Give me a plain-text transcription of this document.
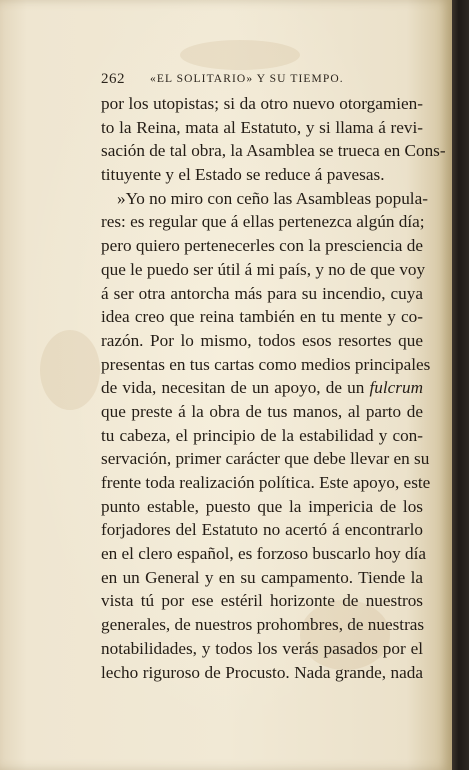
262 «EL SOLITARIO» Y SU TIEMPO.
por los utopistas; si da otro nuevo otorgamien-
to la Reina, mata al Estatuto, y si llama á revi-
sación de tal obra, la Asamblea se trueca en Cons-
tituyente y el Estado se reduce á pavesas.
»Yo no miro con ceño las Asambleas popula-
res: es regular que á ellas pertenezca algún día;
pero quiero pertenecerles con la presciencia de
que le puedo ser útil á mi país, y no de que voy
á ser otra antorcha más para su incendio, cuya
idea creo que reina también en tu mente y co-
razón. Por lo mismo, todos esos resortes que
presentas en tus cartas como medios principales
de vida, necesitan de un apoyo, de un fulcrum
que preste á la obra de tus manos, al parto de
tu cabeza, el principio de la estabilidad y con-
servación, primer carácter que debe llevar en su
frente toda realización política. Este apoyo, este
punto estable, puesto que la impericia de los
forjadores del Estatuto no acertó á encontrarlo
en el clero español, es forzoso buscarlo hoy día
en un General y en su campamento. Tiende la
vista tú por ese estéril horizonte de nuestros
generales, de nuestros prohombres, de nuestras
notabilidades, y todos los verás pasados por el
lecho riguroso de Procusto. Nada grande, nada
